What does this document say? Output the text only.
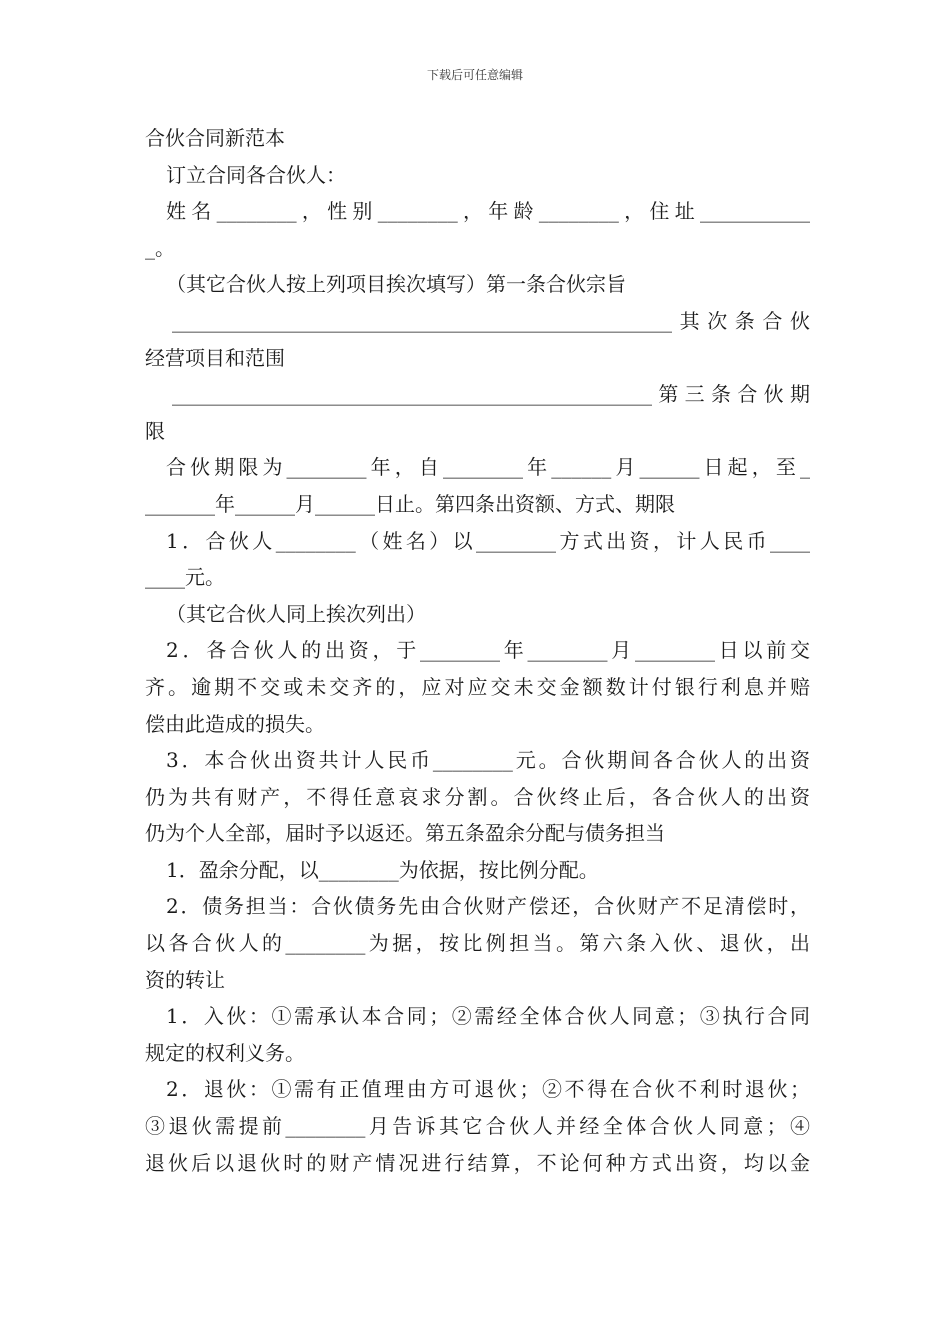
下载后可任意编辑
合伙合同新范本
订立合同各合伙人：
姓名________，性别________，年龄________，住址___________
_。
（其它合伙人按上列项目挨次填写）第一条合伙宗旨
__________________________________________________其次条合伙
经营项目和范围
________________________________________________第三条合伙期
限
合伙期限为________年，自________年______月______日起，至_
_______年______月______日止。第四条出资额、方式、期限
1．合伙人________（姓名）以________方式出资，计人民币____
____元。
（其它合伙人同上挨次列出）
2．各合伙人的出资，于________年________月________日以前交
齐。逾期不交或未交齐的，应对应交未交金额数计付银行利息并赔
偿由此造成的损失。
3．本合伙出资共计人民币________元。合伙期间各合伙人的出资
仍为共有财产，不得任意哀求分割。合伙终止后，各合伙人的出资
仍为个人全部，届时予以返还。第五条盈余分配与债务担当
1．盈余分配，以________为依据，按比例分配。
2．债务担当：合伙债务先由合伙财产偿还，合伙财产不足清偿时，
以各合伙人的________为据，按比例担当。第六条入伙、退伙，出
资的转让
1．入伙：①需承认本合同；②需经全体合伙人同意；③执行合同
规定的权利义务。
2．退伙：①需有正值理由方可退伙；②不得在合伙不利时退伙；
③退伙需提前________月告诉其它合伙人并经全体合伙人同意；④
退伙后以退伙时的财产情况进行结算，不论何种方式出资，均以金
